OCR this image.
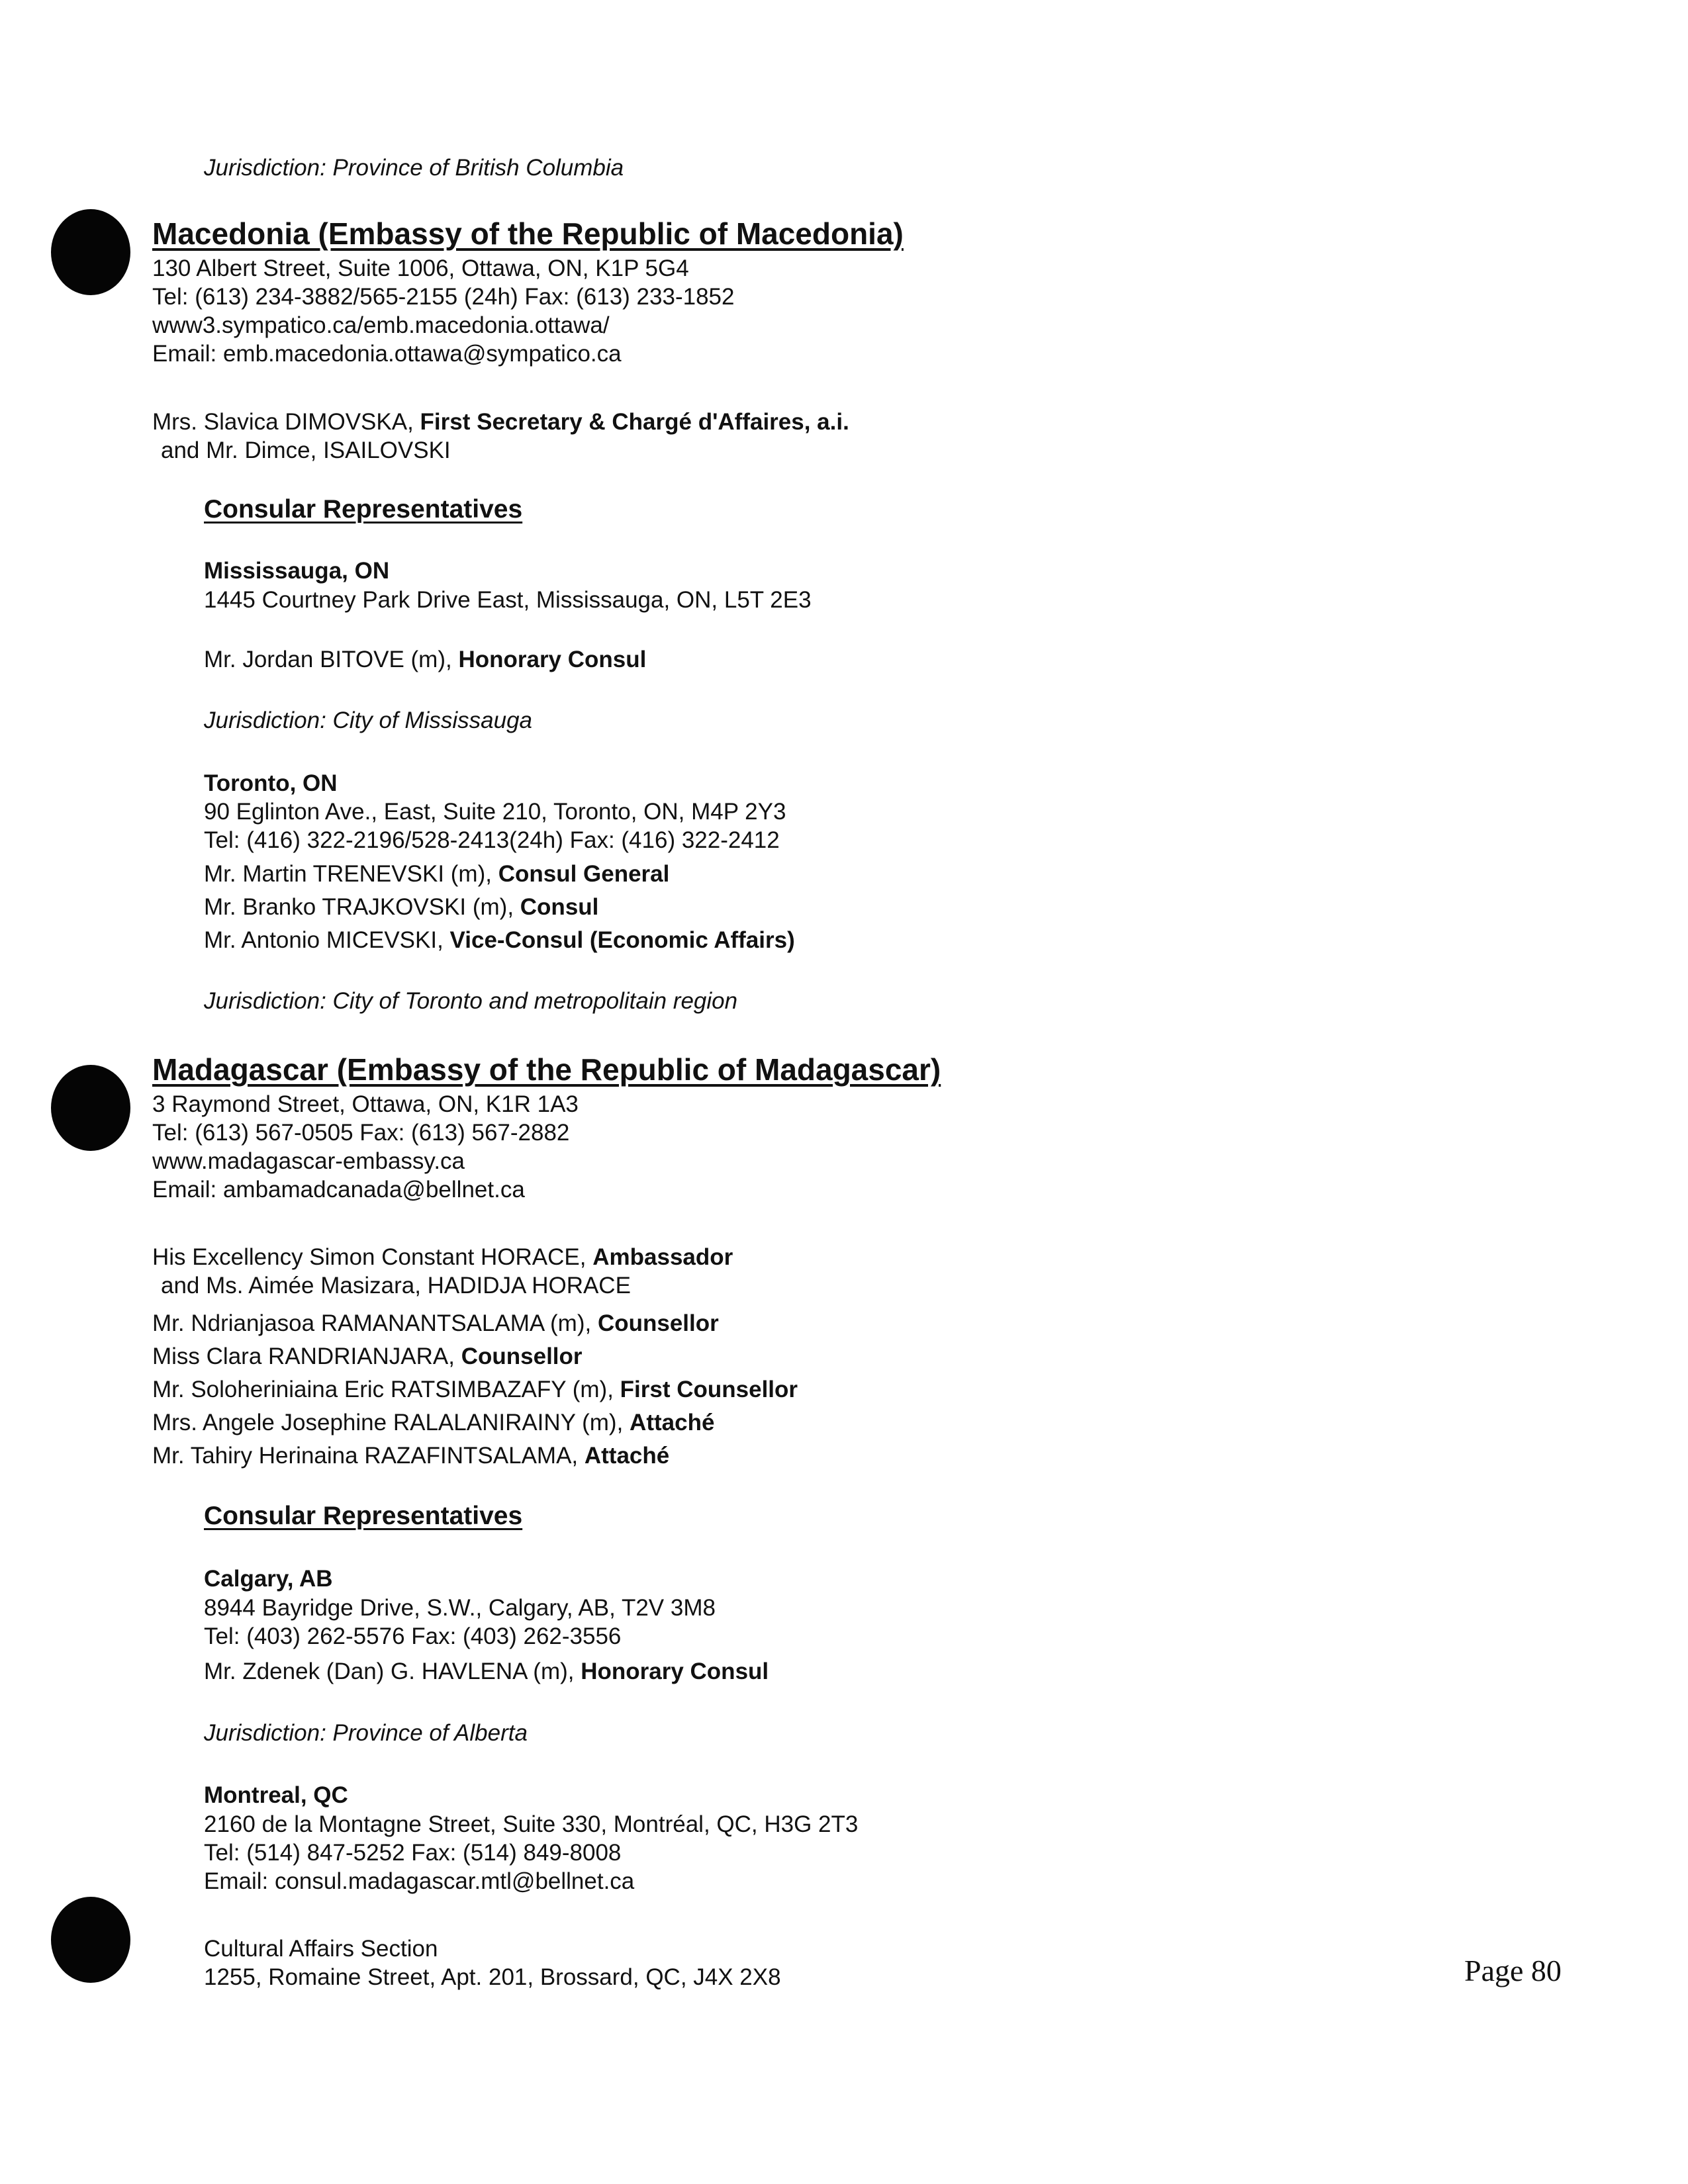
Jurisdiction: Province of British Columbia
Macedonia (Embassy of the Republic of Macedonia)
130 Albert Street, Suite 1006, Ottawa, ON, K1P 5G4
Tel: (613) 234-3882/565-2155 (24h) Fax: (613) 233-1852
www3.sympatico.ca/emb.macedonia.ottawa/
Email: emb.macedonia.ottawa@sympatico.ca
Mrs. Slavica DIMOVSKA, First Secretary & Chargé d'Affaires, a.i.
and Mr. Dimce, ISAILOVSKI
Consular Representatives
Mississauga, ON
1445 Courtney Park Drive East, Mississauga, ON, L5T 2E3
Mr. Jordan BITOVE (m), Honorary Consul
Jurisdiction: City of Mississauga
Toronto, ON
90 Eglinton Ave., East, Suite 210, Toronto, ON, M4P 2Y3
Tel: (416) 322-2196/528-2413(24h) Fax: (416) 322-2412
Mr. Martin TRENEVSKI (m), Consul General
Mr. Branko TRAJKOVSKI (m), Consul
Mr. Antonio MICEVSKI, Vice-Consul (Economic Affairs)
Jurisdiction: City of Toronto and metropolitain region
Madagascar (Embassy of the Republic of Madagascar)
3 Raymond Street, Ottawa, ON, K1R 1A3
Tel: (613) 567-0505 Fax: (613) 567-2882
www.madagascar-embassy.ca
Email: ambamadcanada@bellnet.ca
His Excellency Simon Constant HORACE, Ambassador
and Ms. Aimée Masizara, HADIDJA HORACE
Mr. Ndrianjasoa RAMANANTSALAMA (m), Counsellor
Miss Clara RANDRIANJARA, Counsellor
Mr. Soloheriniaina Eric RATSIMBAZAFY (m), First Counsellor
Mrs. Angele Josephine RALALANIRAINY (m), Attaché
Mr. Tahiry Herinaina RAZAFINTSALAMA, Attaché
Consular Representatives
Calgary, AB
8944 Bayridge Drive, S.W., Calgary, AB, T2V 3M8
Tel: (403) 262-5576 Fax: (403) 262-3556
Mr. Zdenek (Dan) G. HAVLENA (m), Honorary Consul
Jurisdiction: Province of Alberta
Montreal, QC
2160 de la Montagne Street, Suite 330, Montréal, QC, H3G 2T3
Tel: (514) 847-5252 Fax: (514) 849-8008
Email: consul.madagascar.mtl@bellnet.ca
Cultural Affairs Section
1255, Romaine Street, Apt. 201, Brossard, QC, J4X 2X8	Page 80
